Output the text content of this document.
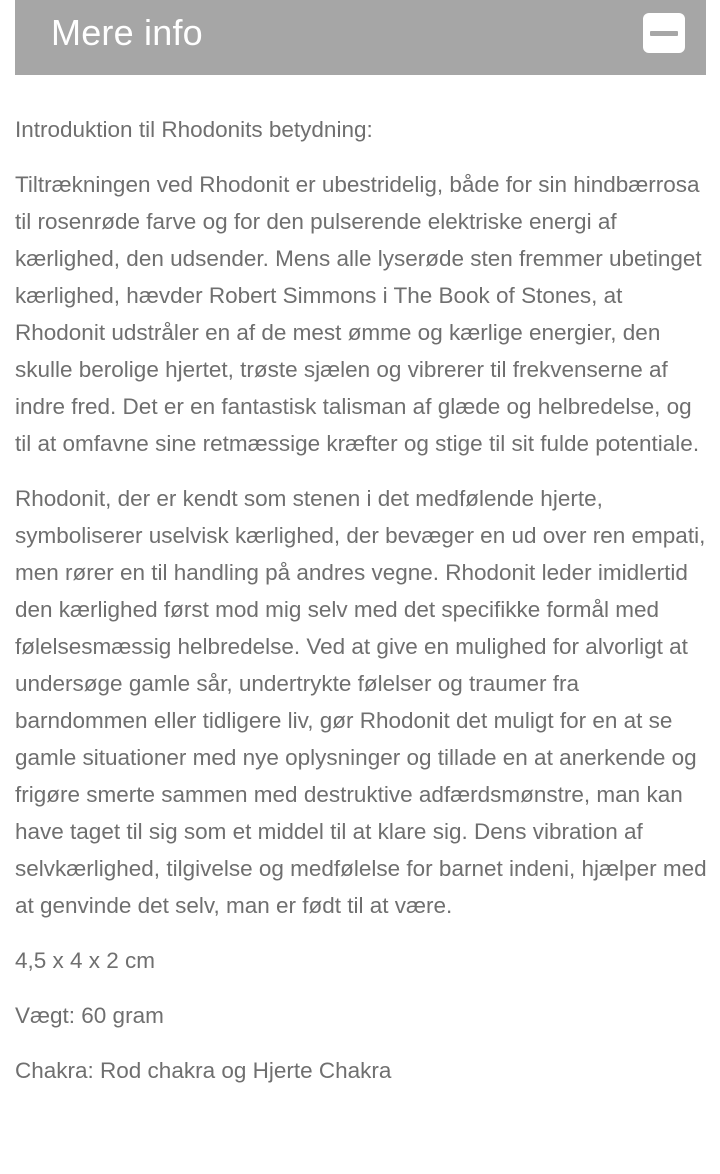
Mere info

Introduktion til Rhodonits betydning:

Tiltrækningen ved Rhodonit er ubestridelig, både for sin hindbærrosa til rosenrøde farve og for den pulserende elektriske energi af kærlighed, den udsender. Mens alle lyserøde sten fremmer ubetinget kærlighed, hævder Robert Simmons i The Book of Stones, at Rhodonit udstråler en af de mest ømme og kærlige energier, den skulle berolige hjertet, trøste sjælen og vibrerer til frekvenserne af indre fred. Det er en fantastisk talisman af glæde og helbredelse, og til at omfavne sine retmæssige kræfter og stige til sit fulde potentiale.

Rhodonit, der er kendt som stenen i det medfølende hjerte, symboliserer uselvisk kærlighed, der bevæger en ud over ren empati, men rører en til handling på andres vegne. Rhodonit leder imidlertid den kærlighed først mod mig selv med det specifikke formål med følelsesmæssig helbredelse. Ved at give en mulighed for alvorligt at undersøge gamle sår, undertrykte følelser og traumer fra barndommen eller tidligere liv, gør Rhodonit det muligt for en at se gamle situationer med nye oplysninger og tillade en at anerkende og frigøre smerte sammen med destruktive adfærdsmønstre, man kan have taget til sig som et middel til at klare sig. Dens vibration af selvkærlighed, tilgivelse og medfølelse for barnet indeni, hjælper med at genvinde det selv, man er født til at være.

4,5 x 4 x 2 cm

Vægt: 60 gram

Chakra: Rod chakra og Hjerte Chakra
